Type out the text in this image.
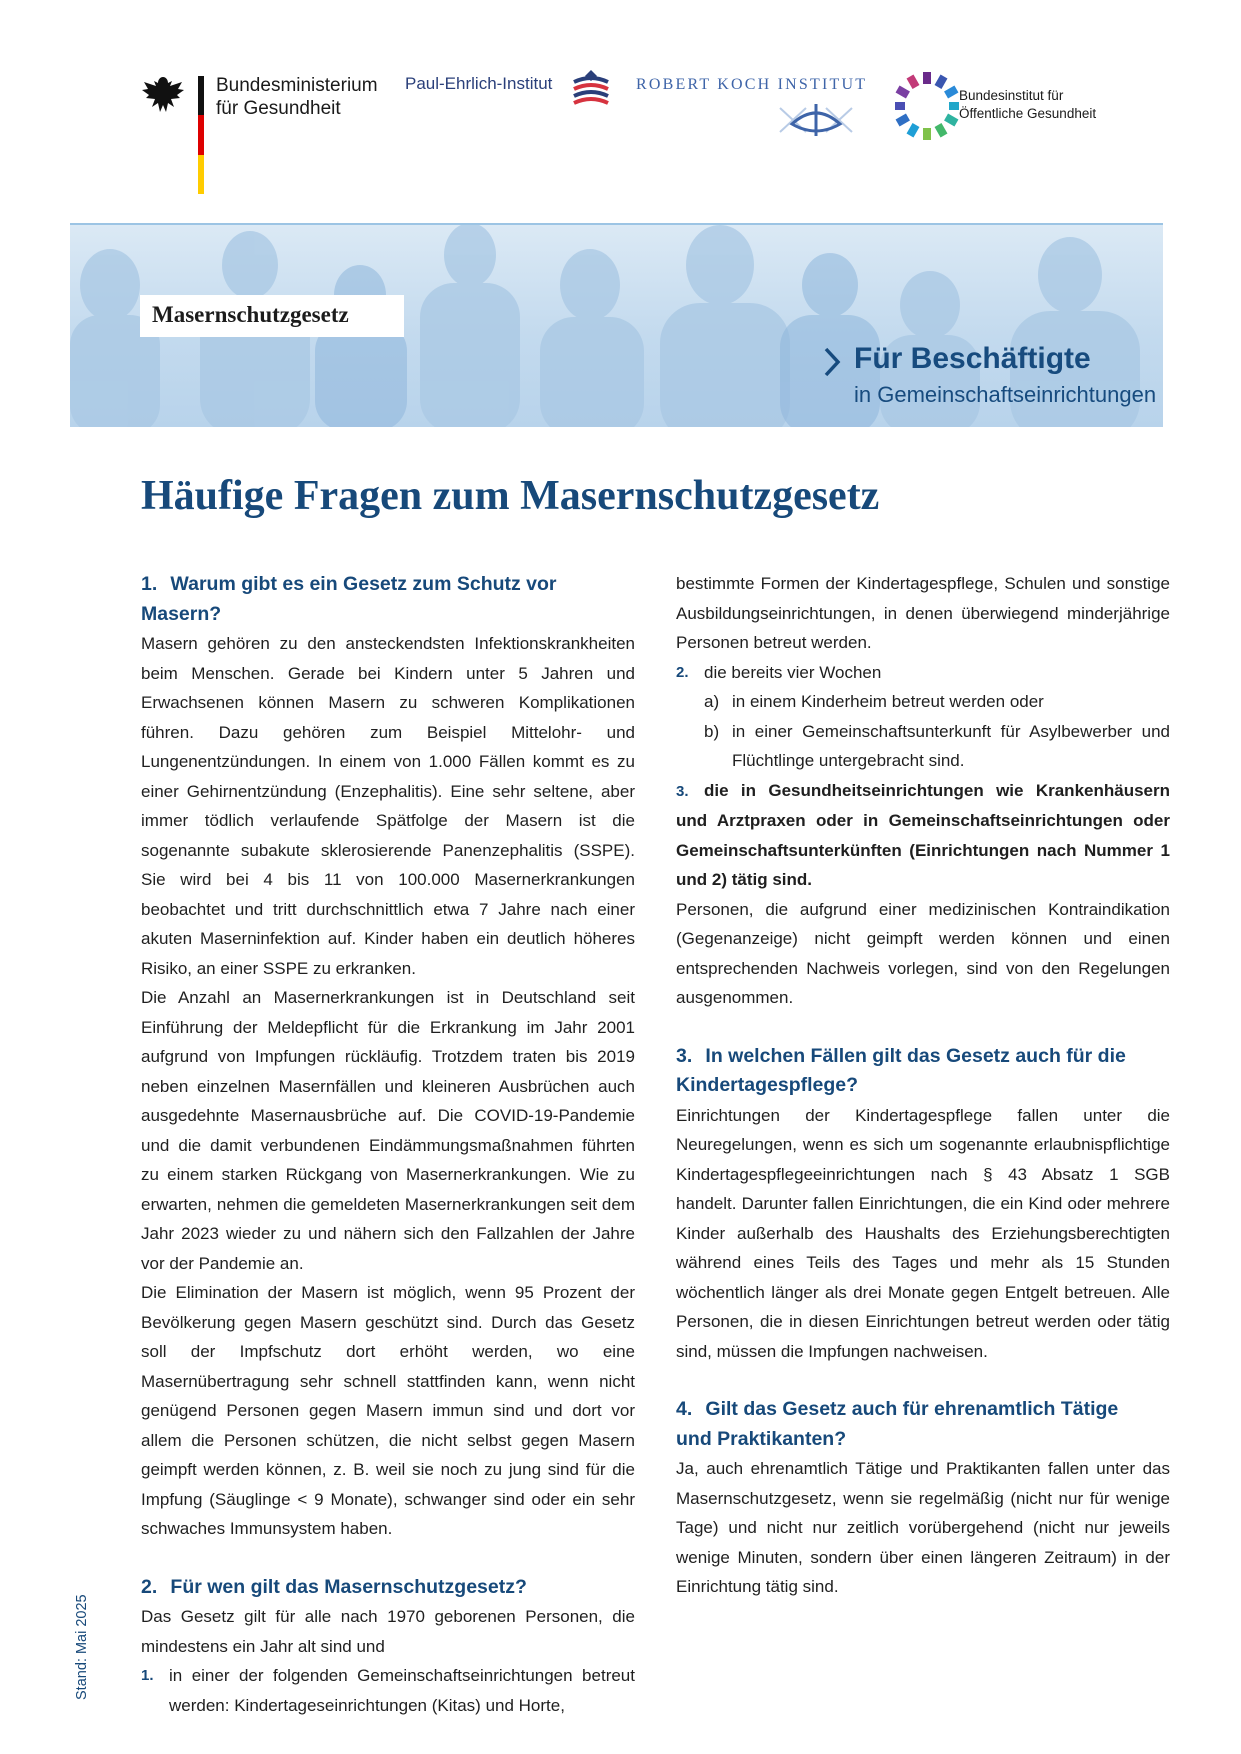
Bundesministerium
für Gesundheit
Paul-Ehrlich-Institut	ROBERT KOCH INSTITUT
Bundesinstitut für
Öffentliche Gesundheit
Für Beschäftigte
in Gemeinschaftseinrichtungen
Masernschutzgesetz
Häufige Fragen zum Masernschutzgesetz
1. Warum gibt es ein Gesetz zum Schutz vor Masern?

Masern gehören zu den ansteckendsten Infektionskrankheiten beim Menschen. Gerade bei Kindern unter 5 Jahren und Erwachsenen können Masern zu schweren Komplikationen führen. Dazu gehören zum Beispiel Mittelohr- und Lungenentzündungen. In einem von 1.000 Fällen kommt es zu einer Gehirnentzündung (Enzephalitis). Eine sehr seltene, aber immer tödlich verlaufende Spätfolge der Masern ist die sogenannte subakute sklerosierende Panenzephalitis (SSPE). Sie wird bei 4 bis 11 von 100.000 Masernerkrankungen beobachtet und tritt durchschnittlich etwa 7 Jahre nach einer akuten Maserninfektion auf. Kinder haben ein deutlich höheres Risiko, an einer SSPE zu erkranken.

Die Anzahl an Masernerkrankungen ist in Deutschland seit Einführung der Meldepflicht für die Erkrankung im Jahr 2001 aufgrund von Impfungen rückläufig. Trotzdem traten bis 2019 neben einzelnen Masernfällen und kleineren Ausbrüchen auch ausgedehnte Masernausbrüche auf. Die COVID-19-Pandemie und die damit verbundenen Eindämmungsmaßnahmen führten zu einem starken Rückgang von Masernerkrankungen. Wie zu erwarten, nehmen die gemeldeten Masernerkrankungen seit dem Jahr 2023 wieder zu und nähern sich den Fallzahlen der Jahre vor der Pandemie an.

Die Elimination der Masern ist möglich, wenn 95 Prozent der Bevölkerung gegen Masern geschützt sind. Durch das Gesetz soll der Impfschutz dort erhöht werden, wo eine Masernübertragung sehr schnell stattfinden kann, wenn nicht genügend Personen gegen Masern immun sind und dort vor allem die Personen schützen, die nicht selbst gegen Masern geimpft werden können, z. B. weil sie noch zu jung sind für die Impfung (Säuglinge < 9 Monate), schwanger sind oder ein sehr schwaches Immunsystem haben.

2. Für wen gilt das Masernschutzgesetz?

Das Gesetz gilt für alle nach 1970 geborenen Personen, die mindestens ein Jahr alt sind und

1. in einer der folgenden Gemeinschaftseinrichtungen betreut werden: Kindertageseinrichtungen (Kitas) und Horte,

bestimmte Formen der Kindertagespflege, Schulen und sonstige Ausbildungseinrichtungen, in denen überwiegend minderjährige Personen betreut werden.

2. die bereits vier Wochen
a) in einem Kinderheim betreut werden oder
b) in einer Gemeinschaftsunterkunft für Asylbewerber und Flüchtlinge untergebracht sind.

3. die in Gesundheitseinrichtungen wie Krankenhäusern und Arztpraxen oder in Gemeinschaftseinrichtungen oder Gemeinschaftsunterkünften (Einrichtungen nach Nummer 1 und 2) tätig sind.

Personen, die aufgrund einer medizinischen Kontraindikation (Gegenanzeige) nicht geimpft werden können und einen entsprechenden Nachweis vorlegen, sind von den Regelungen ausgenommen.

3. In welchen Fällen gilt das Gesetz auch für die
Kindertagespflege?

Einrichtungen der Kindertagespflege fallen unter die Neuregelungen, wenn es sich um sogenannte erlaubnispflichtige Kindertagespflegeeinrichtungen nach § 43 Absatz 1 SGB handelt. Darunter fallen Einrichtungen, die ein Kind oder mehrere Kinder außerhalb des Haushalts des Erziehungsberechtigten während eines Teils des Tages und mehr als 15 Stunden wöchentlich länger als drei Monate gegen Entgelt betreuen. Alle Personen, die in diesen Einrichtungen betreut werden oder tätig sind, müssen die Impfungen nachweisen.

4. Gilt das Gesetz auch für ehrenamtlich Tätige
und Praktikanten?

Ja, auch ehrenamtlich Tätige und Praktikanten fallen unter das Masernschutzgesetz, wenn sie regelmäßig (nicht nur für wenige Tage) und nicht nur zeitlich vorübergehend (nicht nur jeweils wenige Minuten, sondern über einen längeren Zeitraum) in der Einrichtung tätig sind.

Stand: Mai 2025
